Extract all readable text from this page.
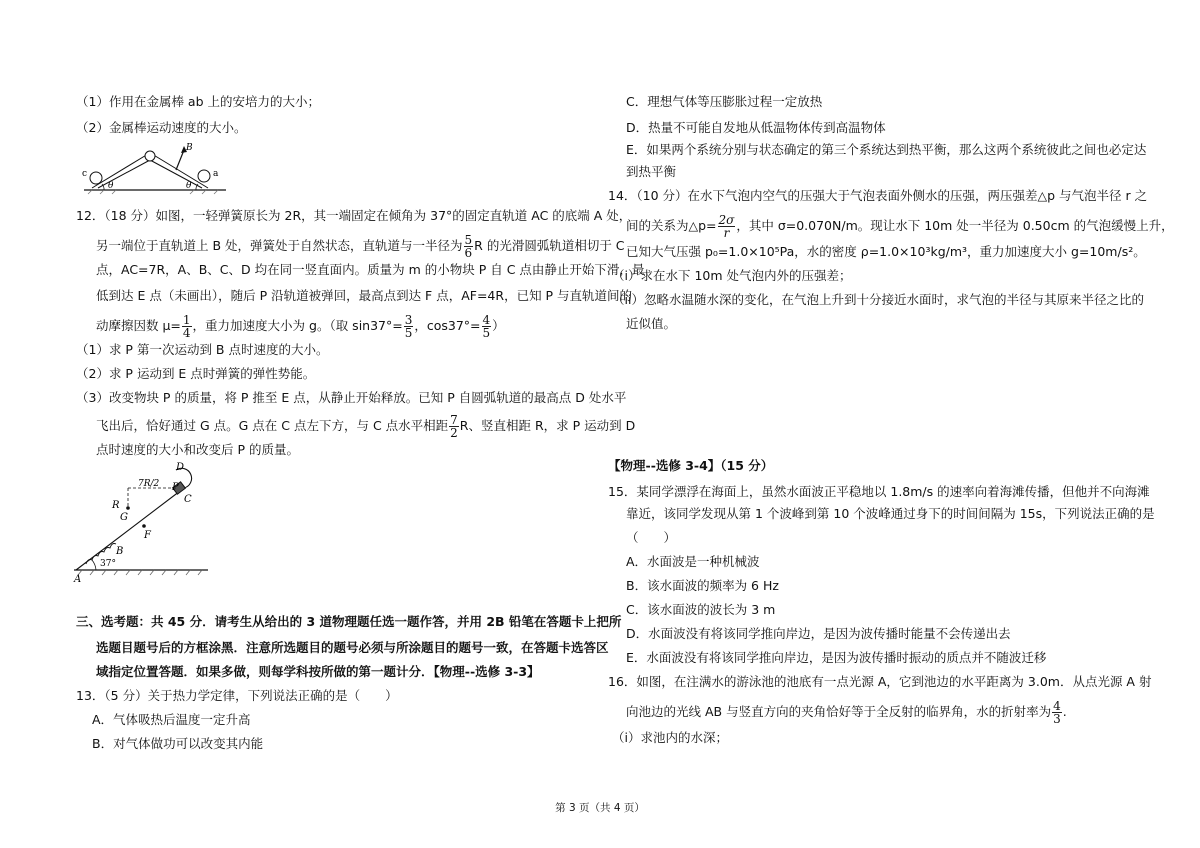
（1）作用在金属棒 ab 上的安培力的大小；
（2）金属棒运动速度的大小。
c	a
B
θ	θ
12．（18 分）如图，一轻弹簧原长为 2R，其一端固定在倾角为 37°的固定直轨道 AC 的底端 A 处，
另一端位于直轨道上 B 处，弹簧处于自然状态，直轨道与一半径为 $\frac{5}{6}$ R 的光滑圆弧轨道相切于 C
点，AC=7R，A、B、C、D 均在同一竖直面内。质量为 m 的小物块 P 自 C 点由静止开始下滑，最
低到达 E 点（未画出），随后 P 沿轨道被弹回，最高点到达 F 点，AF=4R，已知 P 与直轨道间的
动摩擦因数 $\mu= \frac{1}{4}$ ，重力加速度大小为 g。（取 $\sin 37^\circ= \frac{3}{5}$ ，$\cos 37^\circ= \frac{4}{5}$ ）
（1）求 P 第一次运动到 B 点时速度的大小。
（2）求 P 运动到 E 点时弹簧的弹性势能。
（3）改变物块 P 的质量，将 P 推至 E 点，从静止开始释放。已知 P 自圆弧轨道的最高点 D 处水平
飞出后，恰好通过 G 点。G 点在 C 点左下方，与 C 点水平相距 $\frac{7}{2}$ R、竖直相距 R，求 P 运动到 D
点时速度的大小和改变后 P 的质量。
D
P
C
7R/2
R
G
F
B
37°
A
三、选考题：共 45 分．请考生从给出的 3 道物理题任选一题作答，并用 2B 铅笔在答题卡上把所
选题目题号后的方框涂黑．注意所选题目的题号必须与所涂题目的题号一致，在答题卡选答区
域指定位置答题．如果多做，则每学科按所做的第一题计分．【物理--选修 3-3】
13．（5 分）关于热力学定律，下列说法正确的是（　　）
A．气体吸热后温度一定升高
B．对气体做功可以改变其内能
C．理想气体等压膨胀过程一定放热
D．热量不可能自发地从低温物体传到高温物体
E．如果两个系统分别与状态确定的第三个系统达到热平衡，那么这两个系统彼此之间也必定达
到热平衡
14．（10 分）在水下气泡内空气的压强大于气泡表面外侧水的压强，两压强差△p 与气泡半径 r 之
间的关系为△p= $\frac{2\sigma}{r}$ ，其中 σ=0.070N/m。现让水下 10m 处一半径为 0.50cm 的气泡缓慢上升，
已知大气压强 p₀=1.0×10⁵Pa，水的密度 ρ=1.0×10³kg/m³，重力加速度大小 g=10m/s²。
（i）求在水下 10m 处气泡内外的压强差；
（ii）忽略水温随水深的变化，在气泡上升到十分接近水面时，求气泡的半径与其原来半径之比的
近似值。
【物理--选修 3-4】（15 分）
15．某同学漂浮在海面上，虽然水面波正平稳地以 1.8m/s 的速率向着海滩传播，但他并不向海滩
靠近，该同学发现从第 1 个波峰到第 10 个波峰通过身下的时间间隔为 15s，下列说法正确的是
（　　）
A．水面波是一种机械波
B．该水面波的频率为 6 Hz
C．该水面波的波长为 3 m
D．水面波没有将该同学推向岸边，是因为波传播时能量不会传递出去
E．水面波没有将该同学推向岸边，是因为波传播时振动的质点并不随波迁移
16．如图，在注满水的游泳池的池底有一点光源 A，它到池边的水平距离为 3.0m．从点光源 A 射
向池边的光线 AB 与竖直方向的夹角恰好等于全反射的临界角，水的折射率为 $\frac{4}{3}$ .
（i）求池内的水深；
第 3 页（共 4 页）
